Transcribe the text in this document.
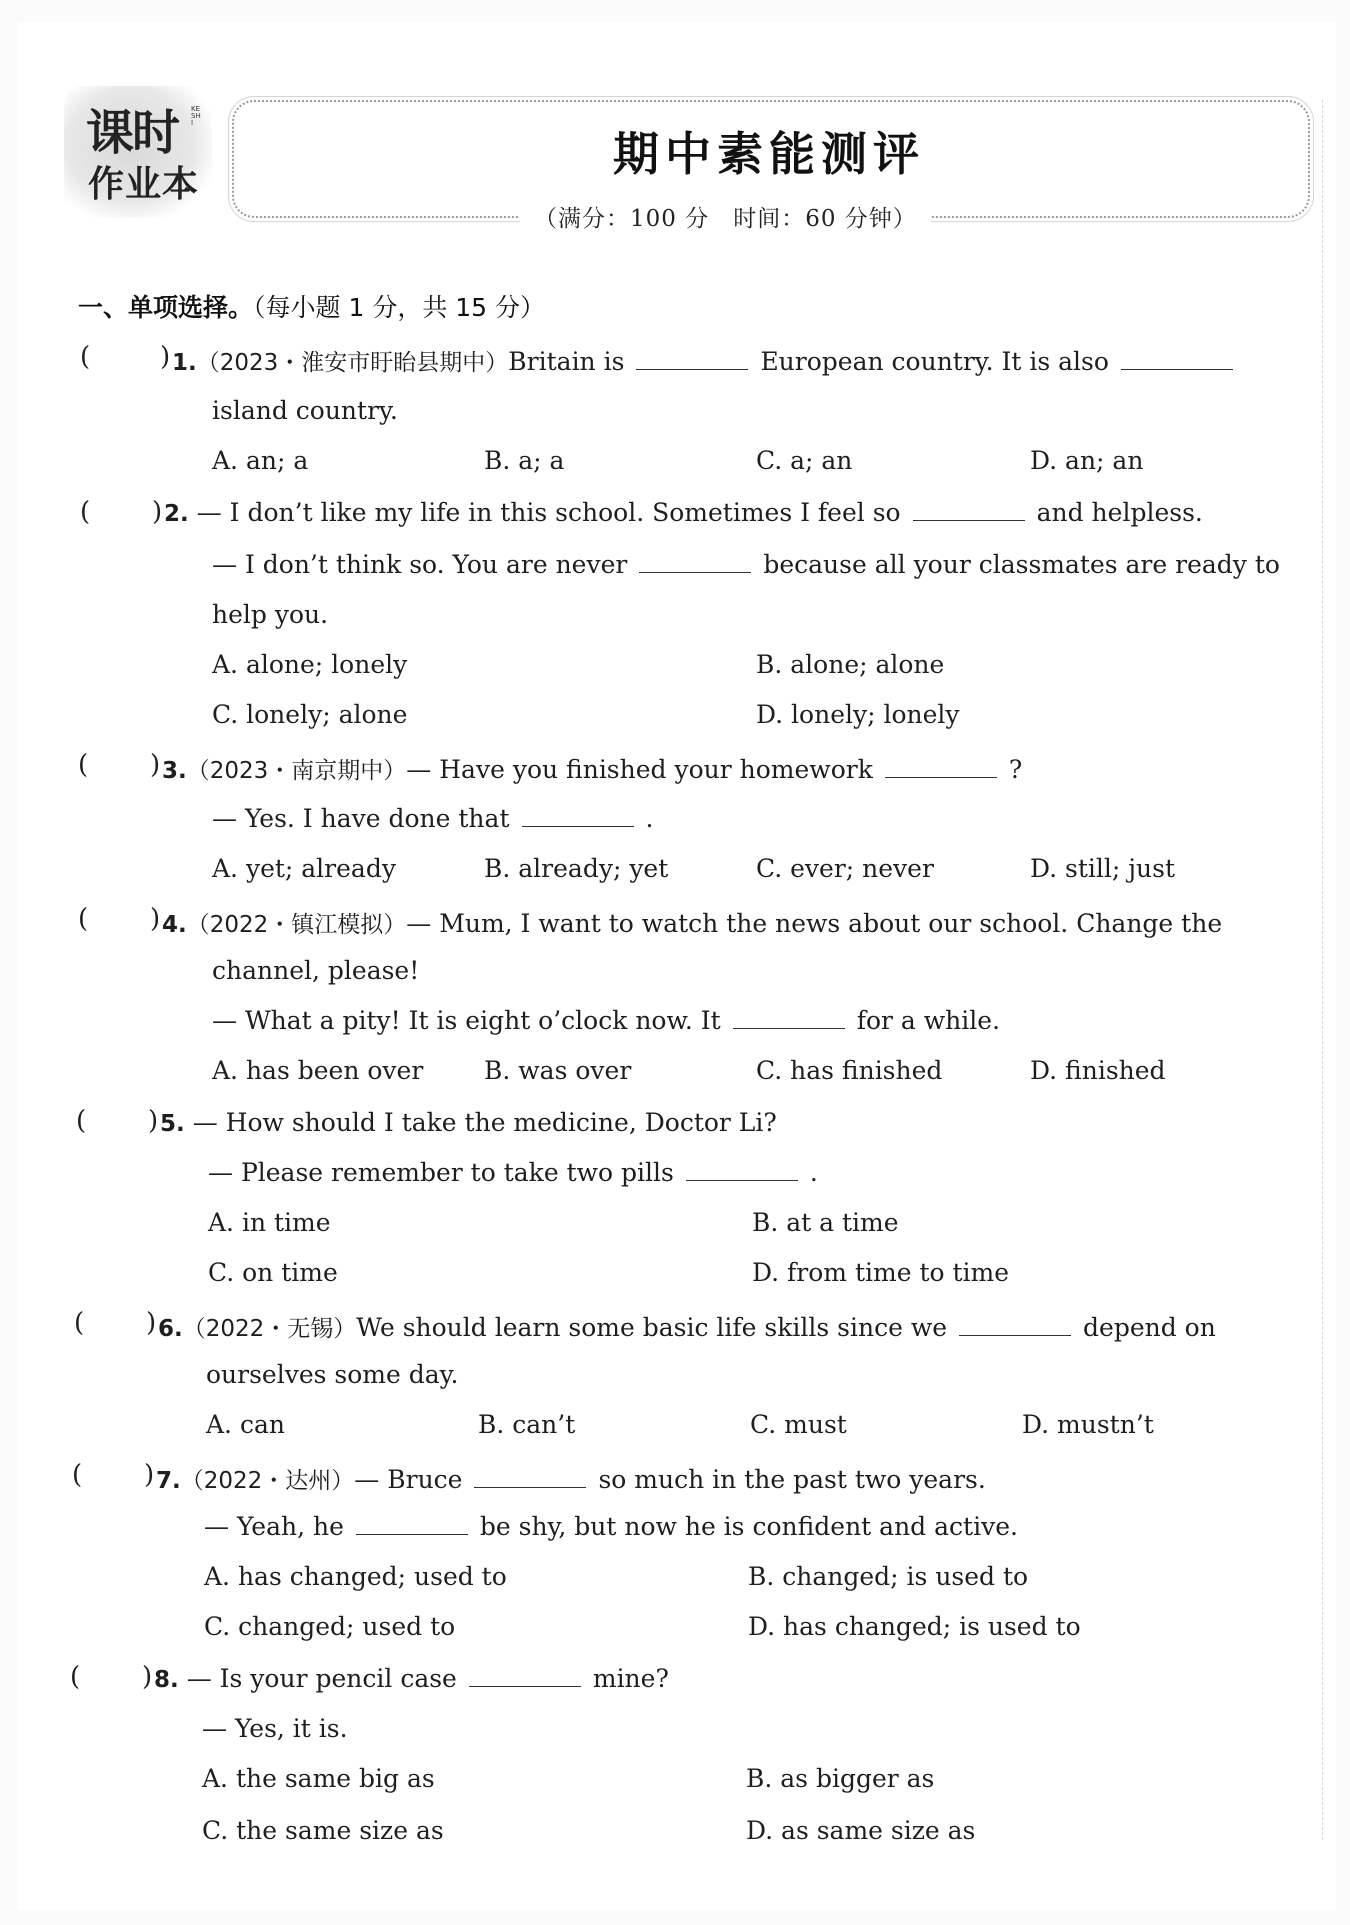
课时 KESHI
作业本
期中素能测评
（满分：100 分　时间：60 分钟）
一、单项选择。（每小题 1 分，共 15 分）
(	) 1.（2023・淮安市盱眙县期中）Britain is	European country. It is also
island country.
A. an; a	B. a; a	C. a; an	D. an; an
( ) 2. — I don’t like my life in this school. Sometimes I feel so	and helpless.
— I don’t think so. You are never	because all your classmates are ready to
help you.
A. alone; lonely	B. alone; alone
C. lonely; alone	D. lonely; lonely
( ) 3.（2023・南京期中）— Have you finished your homework	?
— Yes. I have done that	.
A. yet; already	B. already; yet	C. ever; never	D. still; just
( ) 4.（2022・镇江模拟）— Mum, I want to watch the news about our school. Change the
channel, please!
— What a pity! It is eight o’clock now. It	for a while.
A. has been over B. was over	C. has finished	D. finished
( ) 5. — How should I take the medicine, Doctor Li?
— Please remember to take two pills	.
A. in time	B. at a time
C. on time	D. from time to time
( ) 6.（2022・无锡）We should learn some basic life skills since we	depend on
ourselves some day.
A. can	B. can’t	C. must	D. mustn’t
( ) 7.（2022・达州）— Bruce	so much in the past two years.
— Yeah, he	be shy, but now he is confident and active.
A. has changed; used to	B. changed; is used to
C. changed; used to	D. has changed; is used to
( ) 8. — Is your pencil case	mine?
— Yes, it is.
A. the same big as	B. as bigger as
C. the same size as	D. as same size as
